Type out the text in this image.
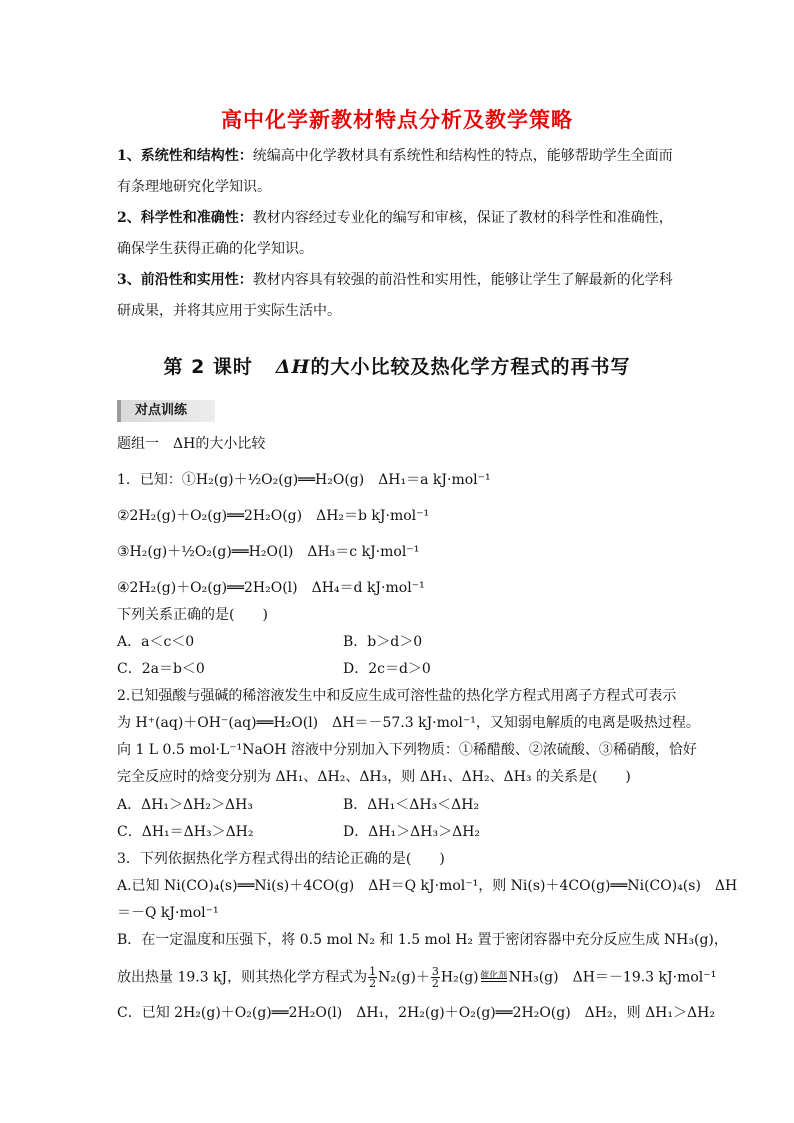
高中化学新教材特点分析及教学策略
1、系统性和结构性：统编高中化学教材具有系统性和结构性的特点，能够帮助学生全面而
有条理地研究化学知识。
2、科学性和准确性：教材内容经过专业化的编写和审核，保证了教材的科学性和准确性，
确保学生获得正确的化学知识。
3、前沿性和实用性：教材内容具有较强的前沿性和实用性，能够让学生了解最新的化学科
研成果，并将其应用于实际生活中。
第 2 课时 ΔH的大小比较及热化学方程式的再书写
对点训练
题组一　ΔH的大小比较
1．已知：①H₂(g)＋½O₂(g)══H₂O(g)　ΔH₁＝a kJ·mol⁻¹
②2H₂(g)＋O₂(g)══2H₂O(g)　ΔH₂＝b kJ·mol⁻¹
③H₂(g)＋½O₂(g)══H₂O(l)　ΔH₃＝c kJ·mol⁻¹
④2H₂(g)＋O₂(g)══2H₂O(l)　ΔH₄＝d kJ·mol⁻¹
下列关系正确的是(　　)
A．a＜c＜0	B．b＞d＞0
C．2a＝b＜0	D．2c＝d＞0
2.已知强酸与强碱的稀溶液发生中和反应生成可溶性盐的热化学方程式用离子方程式可表示
为 H⁺(aq)＋OH⁻(aq)══H₂O(l)　ΔH＝－57.3 kJ·mol⁻¹，又知弱电解质的电离是吸热过程。
向 1 L 0.5 mol·L⁻¹NaOH 溶液中分别加入下列物质：①稀醋酸、②浓硫酸、③稀硝酸，恰好
完全反应时的焓变分别为 ΔH₁、ΔH₂、ΔH₃，则 ΔH₁、ΔH₂、ΔH₃ 的关系是(　　)
A．ΔH₁＞ΔH₂＞ΔH₃	B．ΔH₁＜ΔH₃＜ΔH₂
C．ΔH₁＝ΔH₃＞ΔH₂	D．ΔH₁＞ΔH₃＞ΔH₂
3．下列依据热化学方程式得出的结论正确的是(　　)
A.已知 Ni(CO)₄(s)══Ni(s)＋4CO(g)　ΔH＝Q kJ·mol⁻¹，则 Ni(s)＋4CO(g)══Ni(CO)₄(s)　ΔH
＝－Q kJ·mol⁻¹
B．在一定温度和压强下，将 0.5 mol N₂ 和 1.5 mol H₂ 置于密闭容器中充分反应生成 NH₃(g)，
放出热量 19.3 kJ，则其热化学方程式为 $\frac{1}{2} N_2(g)+ \frac{3}{2} H_2(g)$催化剂 NH₃(g)　ΔH＝－19.3 kJ·mol⁻¹
C．已知 2H₂(g)＋O₂(g)══2H₂O(l)　ΔH₁，2H₂(g)＋O₂(g)══2H₂O(g)　ΔH₂，则 ΔH₁＞ΔH₂
